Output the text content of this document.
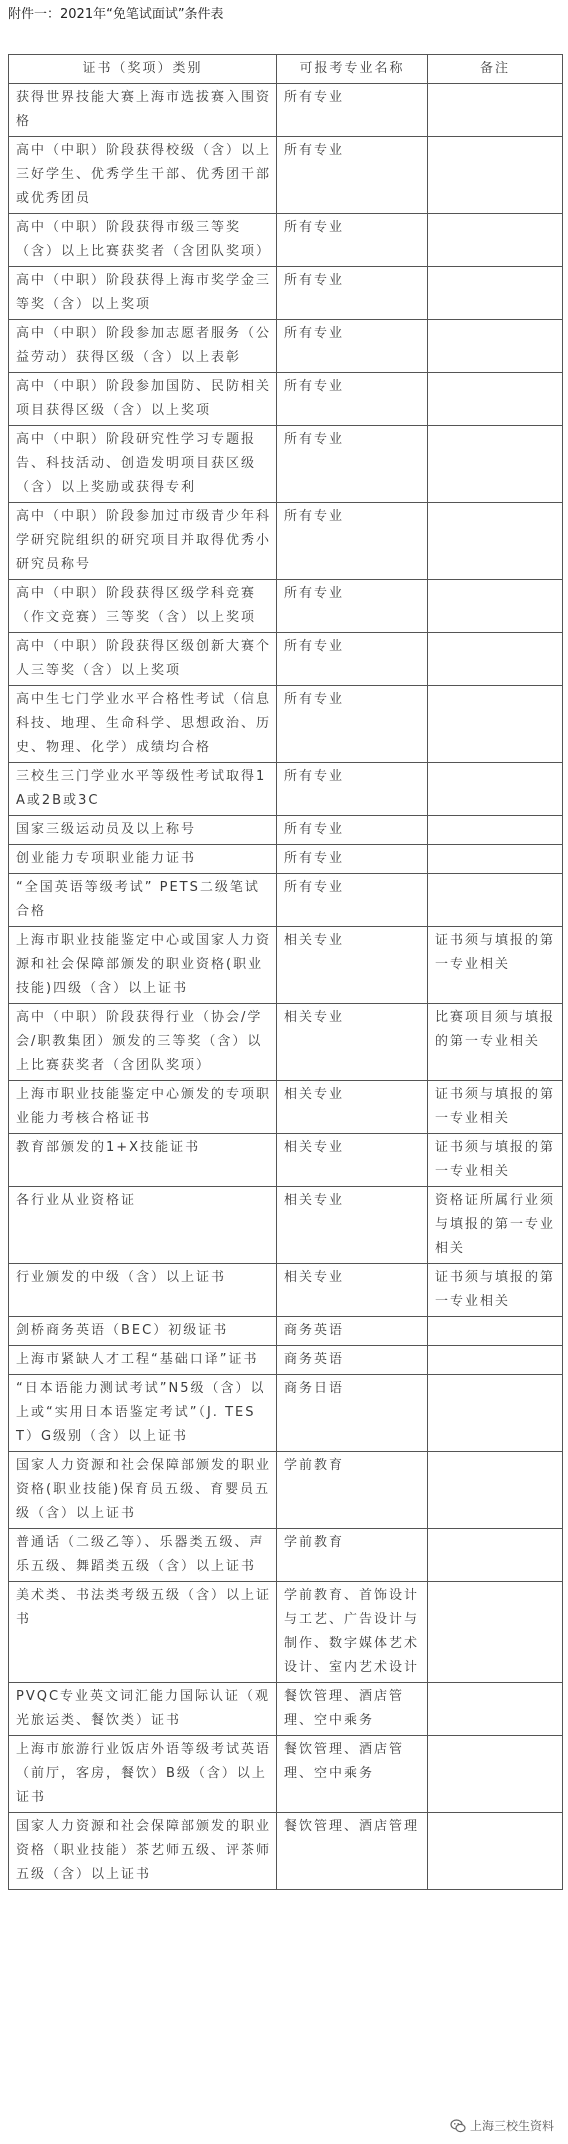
附件一：2021年“免笔试面试”条件表
证书（奖项）类别	可报考专业名称	备注
获得世界技能大赛上海市选拔赛入围资格	所有专业	
高中（中职）阶段获得校级（含）以上三好学生、优秀学生干部、优秀团干部或优秀团员	所有专业	
高中（中职）阶段获得市级三等奖（含）以上比赛获奖者（含团队奖项）	所有专业	
高中（中职）阶段获得上海市奖学金三等奖（含）以上奖项	所有专业	
高中（中职）阶段参加志愿者服务（公益劳动）获得区级（含）以上表彰	所有专业	
高中（中职）阶段参加国防、民防相关项目获得区级（含）以上奖项	所有专业	
高中（中职）阶段研究性学习专题报告、科技活动、创造发明项目获区级（含）以上奖励或获得专利	所有专业	
高中（中职）阶段参加过市级青少年科学研究院组织的研究项目并取得优秀小研究员称号	所有专业	
高中（中职）阶段获得区级学科竞赛（作文竞赛）三等奖（含）以上奖项	所有专业	
高中（中职）阶段获得区级创新大赛个人三等奖（含）以上奖项	所有专业	
高中生七门学业水平合格性考试（信息科技、地理、生命科学、思想政治、历史、物理、化学）成绩均合格	所有专业	
三校生三门学业水平等级性考试取得1A或2B或3C	所有专业	
国家三级运动员及以上称号	所有专业	
创业能力专项职业能力证书	所有专业	
“全国英语等级考试” PETS二级笔试合格	所有专业	
上海市职业技能鉴定中心或国家人力资源和社会保障部颁发的职业资格(职业技能)四级（含）以上证书	相关专业	证书须与填报的第一专业相关
高中（中职）阶段获得行业（协会/学会/职教集团）颁发的三等奖（含）以上比赛获奖者（含团队奖项）	相关专业	比赛项目须与填报的第一专业相关
上海市职业技能鉴定中心颁发的专项职业能力考核合格证书	相关专业	证书须与填报的第一专业相关
教育部颁发的1+X技能证书	相关专业	证书须与填报的第一专业相关
各行业从业资格证	相关专业	资格证所属行业须与填报的第一专业相关
行业颁发的中级（含）以上证书	相关专业	证书须与填报的第一专业相关
剑桥商务英语（BEC）初级证书	商务英语	
上海市紧缺人才工程“基础口译”证书	商务英语	
“日本语能力测试考试”N5级（含）以上或“实用日本语鉴定考试”（J. TEST）G级别（含）以上证书	商务日语	
国家人力资源和社会保障部颁发的职业资格(职业技能)保育员五级、育婴员五级（含）以上证书	学前教育	
普通话（二级乙等）、乐器类五级、声乐五级、舞蹈类五级（含）以上证书	学前教育	
美术类、书法类考级五级（含）以上证书	学前教育、首饰设计与工艺、广告设计与制作、数字媒体艺术设计、室内艺术设计	
PVQC专业英文词汇能力国际认证（观光旅运类、餐饮类）证书	餐饮管理、酒店管理、空中乘务	
上海市旅游行业饭店外语等级考试英语（前厅，客房，餐饮）B级（含）以上证书	餐饮管理、酒店管理、空中乘务	
国家人力资源和社会保障部颁发的职业资格（职业技能）茶艺师五级、评茶师五级（含）以上证书	餐饮管理、酒店管理	
上海三校生资料
